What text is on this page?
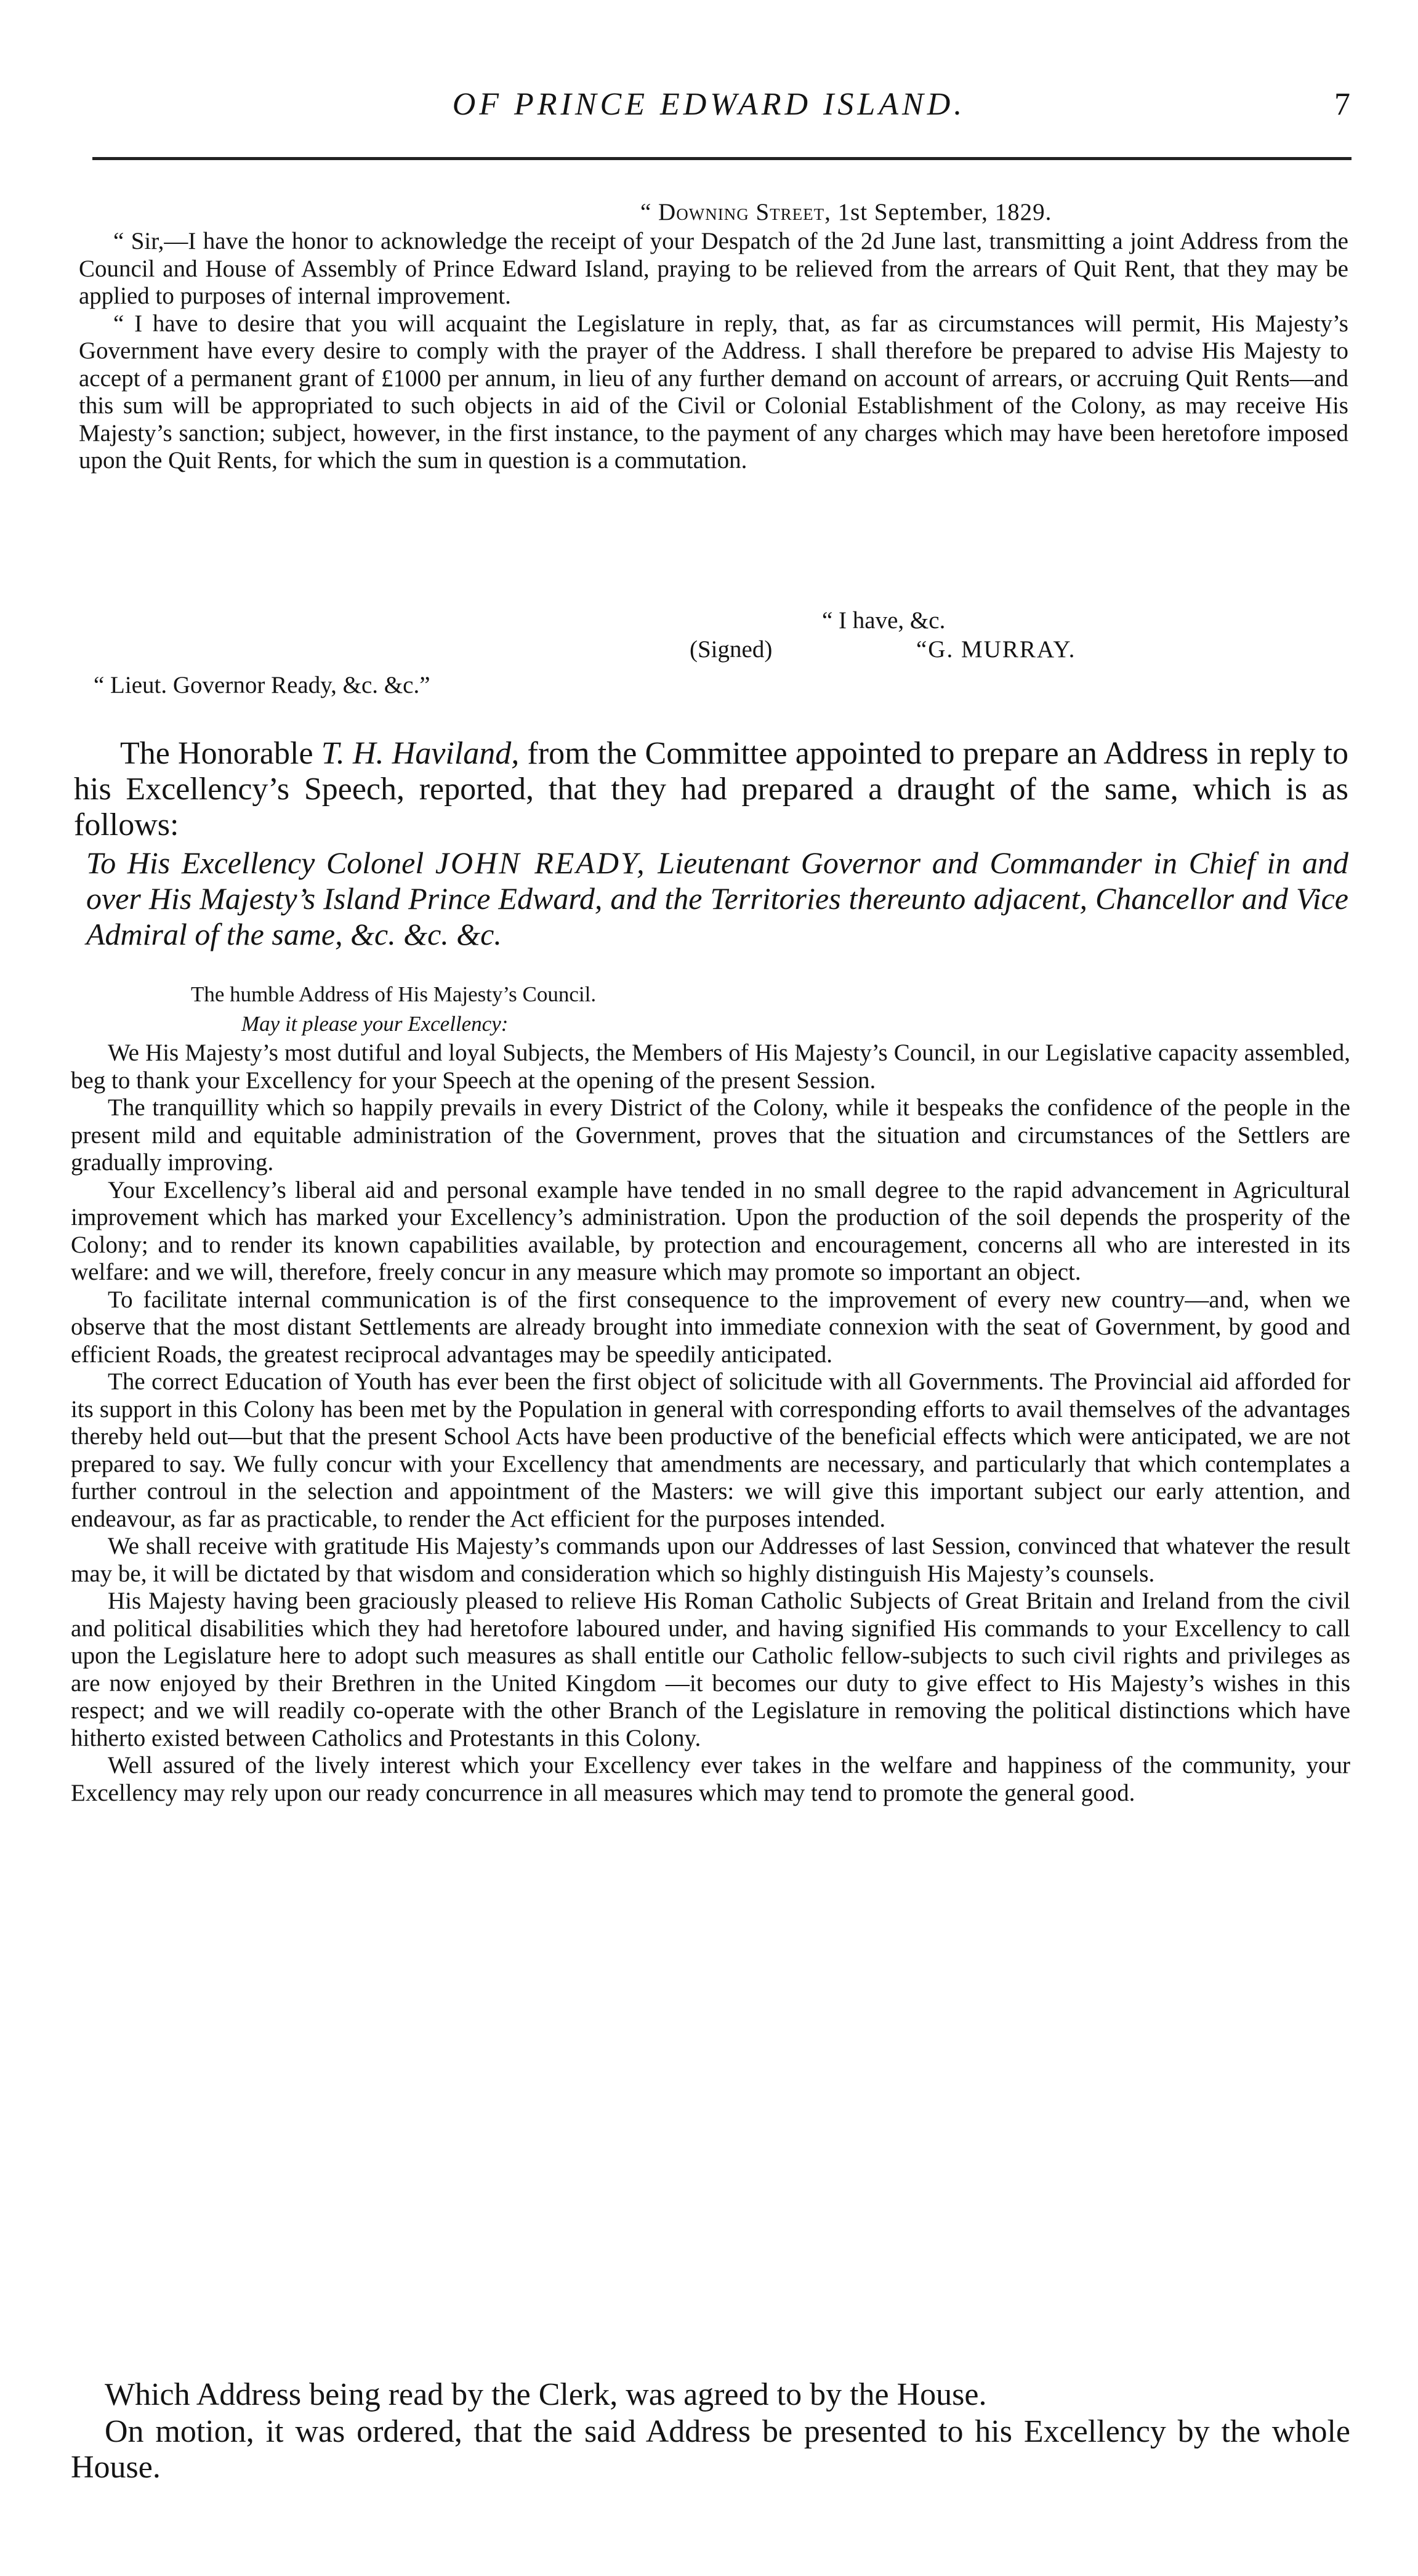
OF PRINCE EDWARD ISLAND.	7
“ Downing Street, 1st September, 1829.

“ Sir,—I have the honor to acknowledge the receipt of your Despatch of the 2d June last, transmitting a joint Address from the Council and House of Assembly of Prince Edward Island, praying to be relieved from the arrears of Quit Rent, that they may be applied to purposes of internal improvement.

“ I have to desire that you will acquaint the Legislature in reply, that, as far as circumstances will permit, His Majesty’s Government have every desire to comply with the prayer of the Address. I shall therefore be prepared to advise His Majesty to accept of a permanent grant of £1000 per annum, in lieu of any further demand on account of arrears, or accruing Quit Rents—and this sum will be appropriated to such objects in aid of the Civil or Colonial Establishment of the Colony, as may receive His Majesty’s sanction; subject, however, in the first instance, to the payment of any charges which may have been heretofore imposed upon the Quit Rents, for which the sum in question is a commutation.

“ I have, &c.
(Signed)	“G. MURRAY.
“ Lieut. Governor Ready, &c. &c.”

The Honorable T. H. Haviland, from the Committee appointed to prepare an Address in reply to his Excellency’s Speech, reported, that they had prepared a draught of the same, which is as follows:

To His Excellency Colonel JOHN READY, Lieutenant Governor and Commander in Chief in and over His Majesty’s Island Prince Edward, and the Territories thereunto adjacent, Chancellor and Vice Admiral of the same, &c. &c. &c.

The humble Address of His Majesty’s Council.
May it please your Excellency:

We His Majesty’s most dutiful and loyal Subjects, the Members of His Majesty’s Council, in our Legislative capacity assembled, beg to thank your Excellency for your Speech at the opening of the present Session.

The tranquillity which so happily prevails in every District of the Colony, while it bespeaks the confidence of the people in the present mild and equitable administration of the Government, proves that the situation and circumstances of the Settlers are gradually improving.

Your Excellency’s liberal aid and personal example have tended in no small degree to the rapid advancement in Agricultural improvement which has marked your Excellency’s administration. Upon the production of the soil depends the prosperity of the Colony; and to render its known capabilities available, by protection and encouragement, concerns all who are interested in its welfare: and we will, therefore, freely concur in any measure which may promote so important an object.

To facilitate internal communication is of the first consequence to the improvement of every new country—and, when we observe that the most distant Settlements are already brought into immediate connexion with the seat of Government, by good and efficient Roads, the greatest reciprocal advantages may be speedily anticipated.

The correct Education of Youth has ever been the first object of solicitude with all Governments. The Provincial aid afforded for its support in this Colony has been met by the Population in general with corresponding efforts to avail themselves of the advantages thereby held out—but that the present School Acts have been productive of the beneficial effects which were anticipated, we are not prepared to say. We fully concur with your Excellency that amendments are necessary, and particularly that which contemplates a further controul in the selection and appointment of the Masters: we will give this important subject our early attention, and endeavour, as far as practicable, to render the Act efficient for the purposes intended.

We shall receive with gratitude His Majesty’s commands upon our Addresses of last Session, convinced that whatever the result may be, it will be dictated by that wisdom and consideration which so highly distinguish His Majesty’s counsels.

His Majesty having been graciously pleased to relieve His Roman Catholic Subjects of Great Britain and Ireland from the civil and political disabilities which they had heretofore laboured under, and having signified His commands to your Excellency to call upon the Legislature here to adopt such measures as shall entitle our Catholic fellow-subjects to such civil rights and privileges as are now enjoyed by their Brethren in the United Kingdom —it becomes our duty to give effect to His Majesty’s wishes in this respect; and we will readily co-operate with the other Branch of the Legislature in removing the political distinctions which have hitherto existed between Catholics and Protestants in this Colony.

Well assured of the lively interest which your Excellency ever takes in the welfare and happiness of the community, your Excellency may rely upon our ready concurrence in all measures which may tend to promote the general good.

Which Address being read by the Clerk, was agreed to by the House.

On motion, it was ordered, that the said Address be presented to his Excellency by the whole House.
